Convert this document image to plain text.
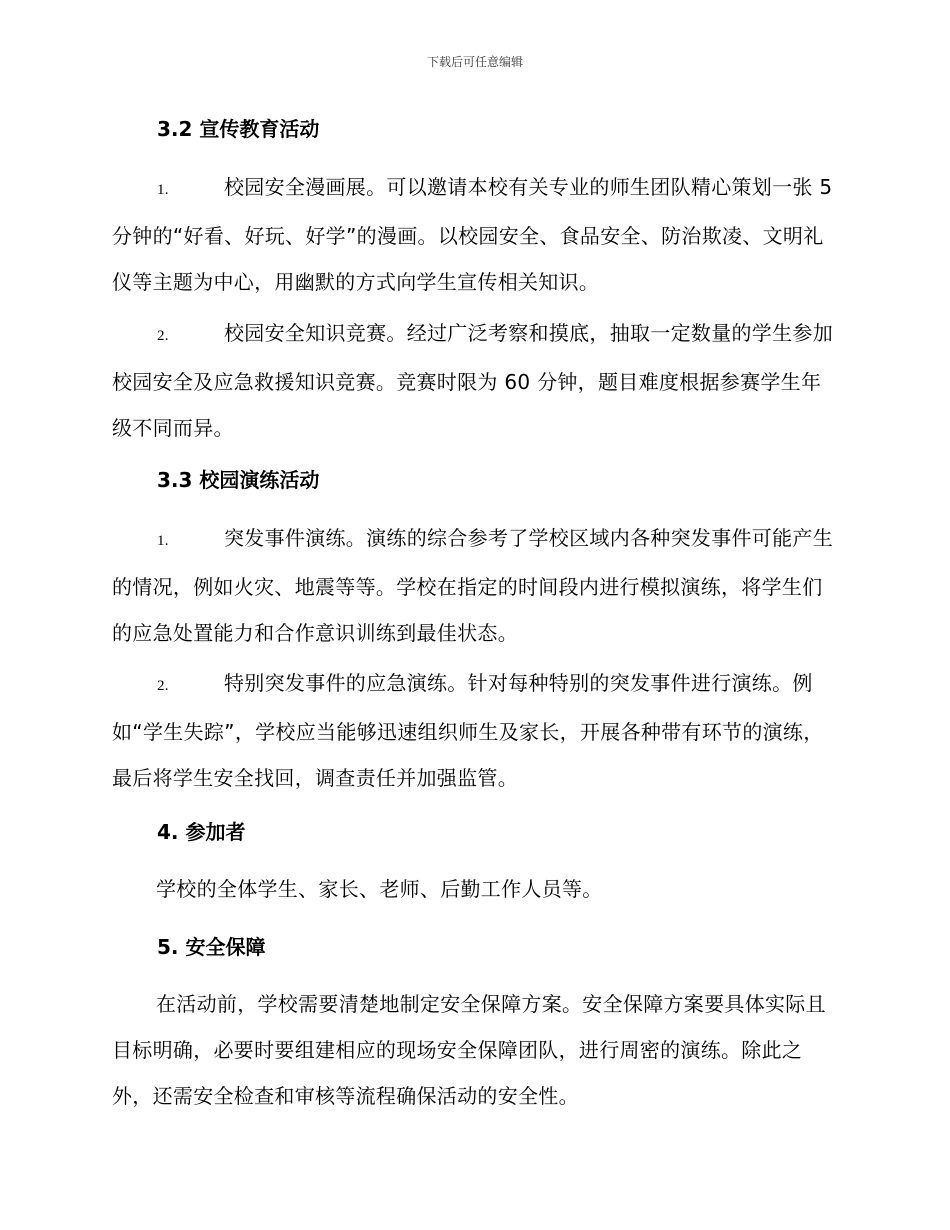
下载后可任意编辑
3.2 宣传教育活动
1.	校园安全漫画展。可以邀请本校有关专业的师生团队精心策划一张 5 分钟的“好看、好玩、好学”的漫画。以校园安全、食品安全、防治欺凌、文明礼仪等主题为中心，用幽默的方式向学生宣传相关知识。
2.	校园安全知识竞赛。经过广泛考察和摸底，抽取一定数量的学生参加校园安全及应急救援知识竞赛。竞赛时限为 60 分钟，题目难度根据参赛学生年级不同而异。
3.3 校园演练活动
1.	突发事件演练。演练的综合参考了学校区域内各种突发事件可能产生的情况，例如火灾、地震等等。学校在指定的时间段内进行模拟演练，将学生们的应急处置能力和合作意识训练到最佳状态。
2.	特别突发事件的应急演练。针对每种特别的突发事件进行演练。例如“学生失踪”，学校应当能够迅速组织师生及家长，开展各种带有环节的演练，最后将学生安全找回，调查责任并加强监管。
4. 参加者
学校的全体学生、家长、老师、后勤工作人员等。
5. 安全保障
在活动前，学校需要清楚地制定安全保障方案。安全保障方案要具体实际且目标明确，必要时要组建相应的现场安全保障团队，进行周密的演练。除此之外，还需安全检查和审核等流程确保活动的安全性。
